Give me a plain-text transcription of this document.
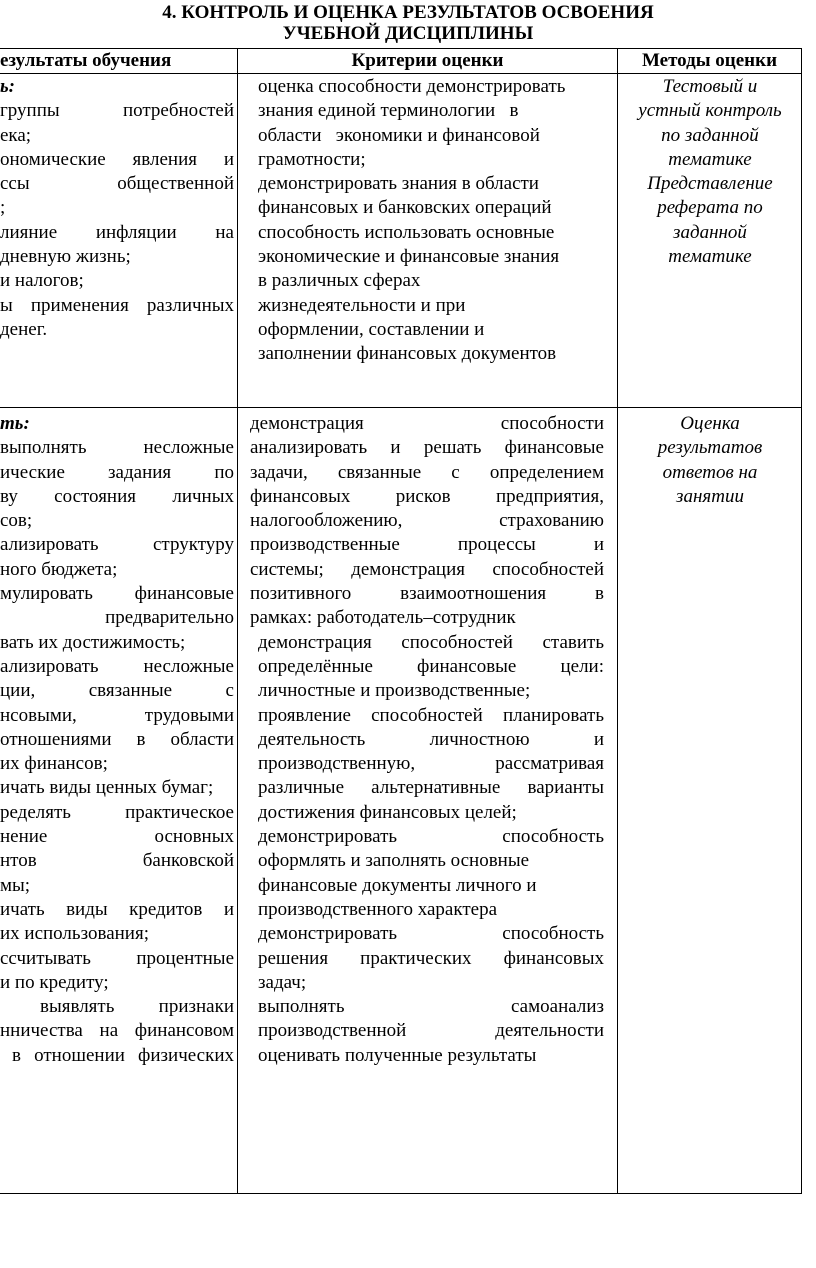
4. КОНТРОЛЬ И ОЦЕНКА РЕЗУЛЬТАТОВ ОСВОЕНИЯ
УЧЕБНОЙ ДИСЦИПЛИНЫ
езультаты обучения	Критерии оценки	Методы оценки
ь:
группы потребностей
ека;
ономические явления и
ссы общественной
;
лияние инфляции на
дневную жизнь;
и налогов;
ы применения различных
денег.
оценка способности демонстрировать
знания единой терминологии   в
области   экономики и финансовой
грамотности;
демонстрировать знания в области
финансовых и банковских операций
способность использовать основные
экономические и финансовые знания
в различных сферах
жизнедеятельности и при
оформлении, составлении и
заполнении финансовых документов
Тестовый и
устный контроль
по заданной
тематике
Представление
реферата по
заданной
тематике
ть:
выполнять несложные
ические задания по
ву состояния личных
сов;
ализировать структуру
ного бюджета;
мулировать финансовые
предварительно
вать их достижимость;
ализировать несложные
ции, связанные с
нсовыми, трудовыми
отношениями в области
их финансов;
ичать виды ценных бумаг;
ределять практическое
нение основных
нтов банковской
мы;
ичать виды кредитов и
их использования;
ссчитывать процентные
и по кредиту;
выявлять признаки
нничества на финансовом
в отношении физических
демонстрация способности
анализировать и решать финансовые
задачи, связанные с определением
финансовых рисков предприятия,
налогообложению, страхованию
производственные процессы и
системы; демонстрация способностей
позитивного взаимоотношения в
рамках: работодатель–сотрудник
демонстрация способностей ставить
определённые финансовые цели:
личностные и производственные;
проявление способностей планировать
деятельность личностною и
производственную, рассматривая
различные альтернативные варианты
достижения финансовых целей;
демонстрировать способность
оформлять и заполнять основные
финансовые документы личного и
производственного характера
демонстрировать способность
решения практических финансовых
задач;
выполнять самоанализ
производственной деятельности
оценивать полученные результаты
Оценка
результатов
ответов на
занятии
